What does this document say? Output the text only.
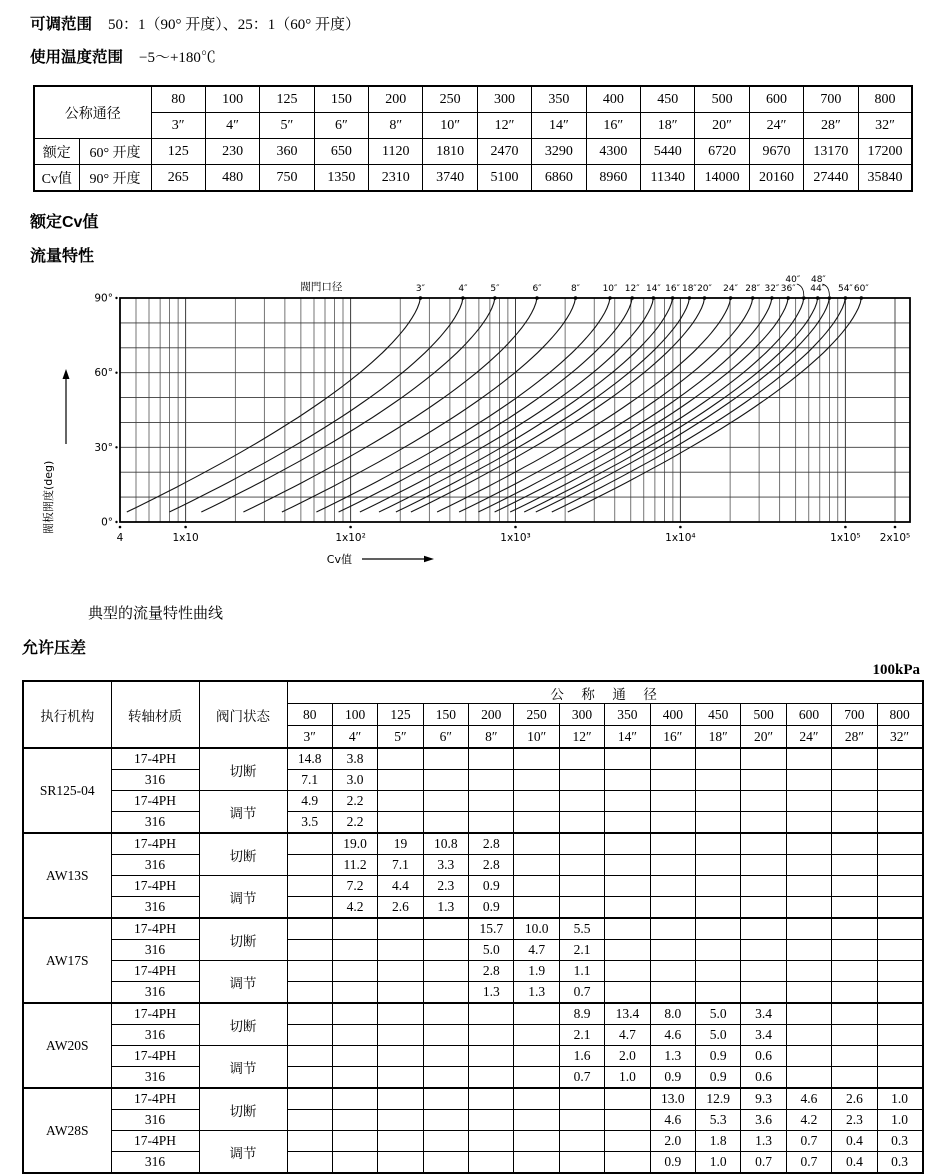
可调范围 50：1（90° 开度）、25：1（60° 开度）
使用温度范围 −5～+180℃
公称通径		80	100	125	150	200	250	300	350	400	450	500	600	700	800
		3″	4″	5″	6″	8″	10″	12″	14″	16″	18″	20″	24″	28″	32″
额定	60° 开度	125	230	360	650	1120	1810	2470	3290	4300	5440	6720	9670	13170	17200
Cv值	90° 开度	265	480	750	1350	2310	3740	5100	6860	8960	11340	14000	20160	27440	35840
额定Cv值
流量特性
閥門口径	3″	4″	5″	6″	8″	10″ 12″ 14″ 16″ 18″ 20″ 24″ 28″ 32″ 36″
40″
44″
48″
54″ 60″
90°
60°
30°
0°
閥板開度(deg)
4	1x10	1x10²	1x10³	1x10⁴	1x10⁵ 2x10⁵
Cv值
典型的流量特性曲线
允许压差
100kPa
执行机构	转轴材质	阀门状态	公　称　通　径													
			80	100	125	150	200	250	300	350	400	450	500	600	700	800
			3″	4″	5″	6″	8″	10″	12″	14″	16″	18″	20″	24″	28″	32″
SR125-04	17-4PH	切断	14.8	3.8												
	316		7.1	3.0												
	17-4PH	调节	4.9	2.2												
	316		3.5	2.2												
AW13S	17-4PH	切断		19.0	19	10.8	2.8									
	316			11.2	7.1	3.3	2.8									
	17-4PH	调节		7.2	4.4	2.3	0.9									
	316			4.2	2.6	1.3	0.9									
AW17S	17-4PH	切断					15.7	10.0	5.5							
	316						5.0	4.7	2.1							
	17-4PH	调节					2.8	1.9	1.1							
	316						1.3	1.3	0.7							
AW20S	17-4PH	切断							8.9	13.4	8.0	5.0	3.4			
	316								2.1	4.7	4.6	5.0	3.4			
	17-4PH	调节							1.6	2.0	1.3	0.9	0.6			
	316								0.7	1.0	0.9	0.9	0.6			
AW28S	17-4PH	切断									13.0	12.9	9.3	4.6	2.6	1.0
	316										4.6	5.3	3.6	4.2	2.3	1.0
	17-4PH	调节									2.0	1.8	1.3	0.7	0.4	0.3
	316										0.9	1.0	0.7	0.7	0.4	0.3
